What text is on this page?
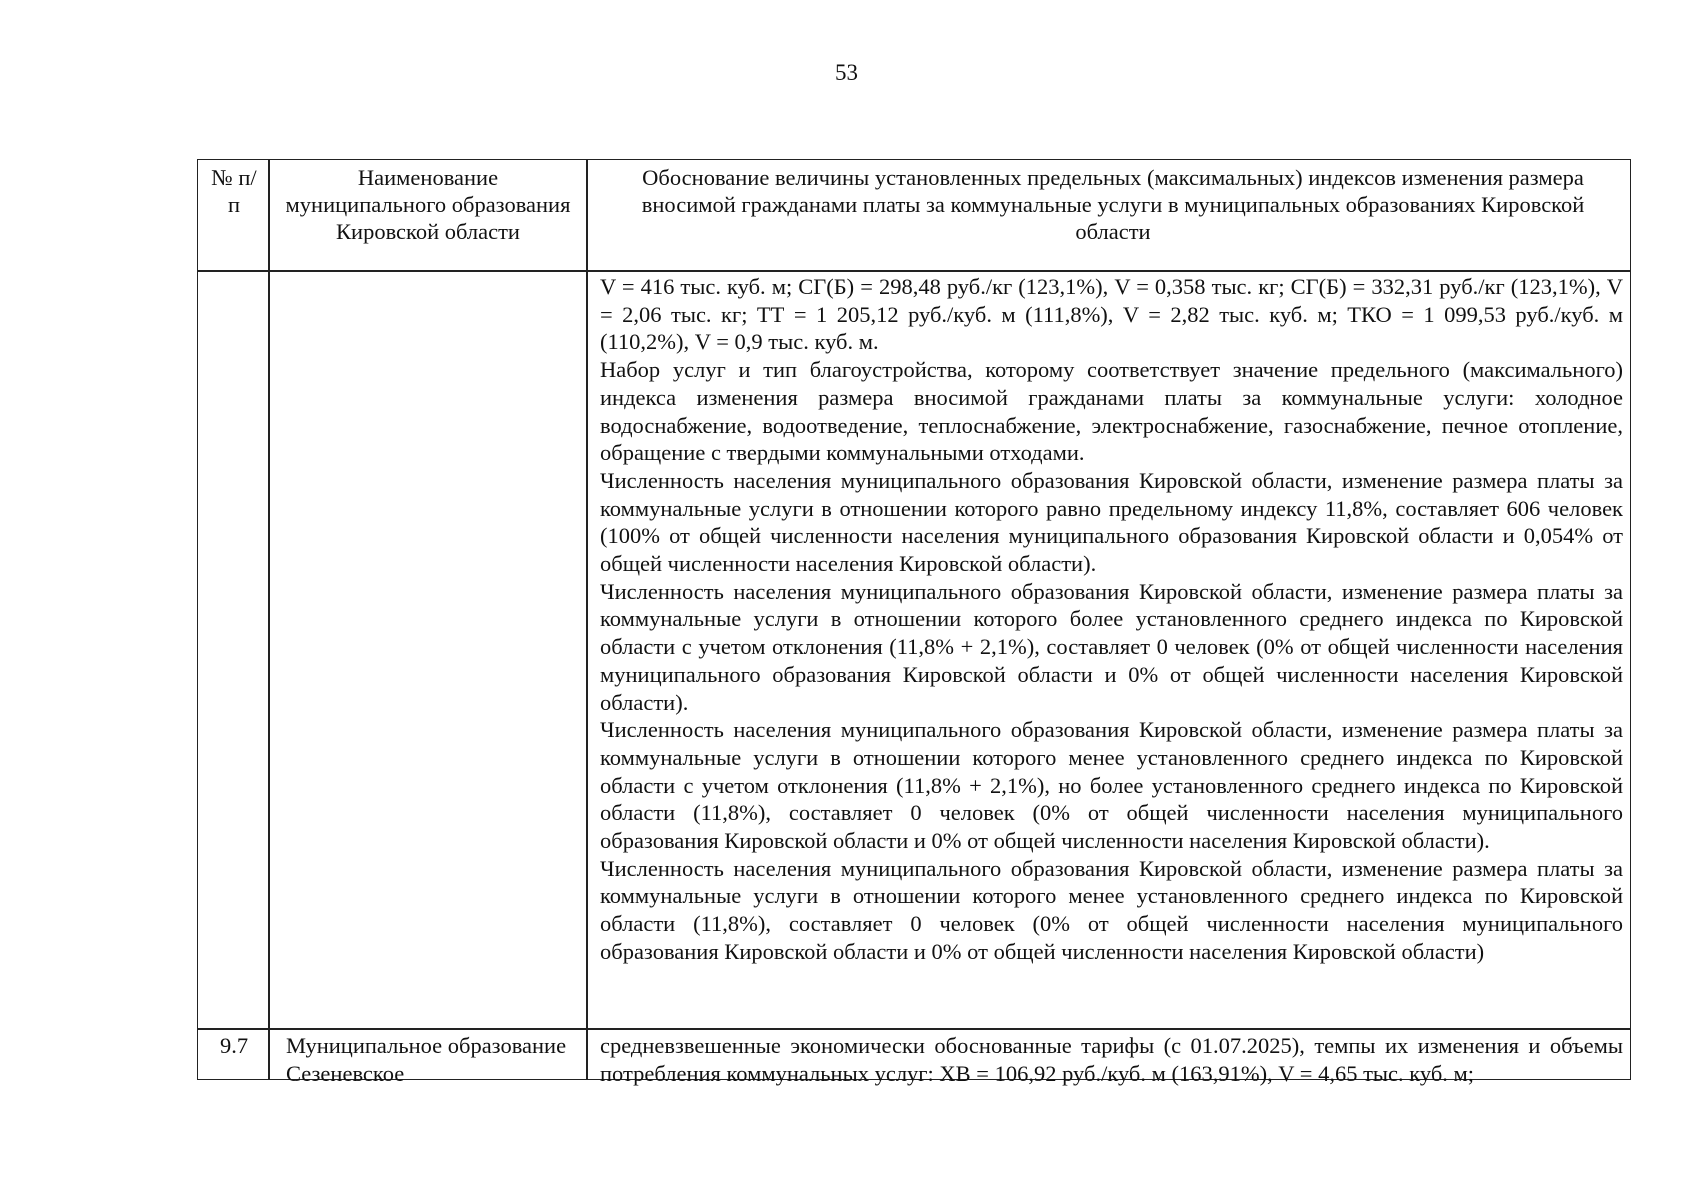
53
№ п/п
Наименование муниципального образования Кировской области
Обоснование величины установленных предельных (максимальных) индексов изменения размера вносимой гражданами платы за коммунальные услуги в муниципальных образованиях Кировской области

V = 416 тыс. куб. м; СГ(Б) = 298,48 руб./кг (123,1%), V = 0,358 тыс. кг; СГ(Б) = 332,31 руб./кг (123,1%), V = 2,06 тыс. кг; ТТ = 1 205,12 руб./куб. м (111,8%), V = 2,82 тыс. куб. м; ТКО = 1 099,53 руб./куб. м (110,2%), V = 0,9 тыс. куб. м.

Набор услуг и тип благоустройства, которому соответствует значение предельного (максимального) индекса изменения размера вносимой гражданами платы за коммунальные услуги: холодное водоснабжение, водоотведение, теплоснабжение, электроснабжение, газоснабжение, печное отопление, обращение с твердыми коммунальными отходами.

Численность населения муниципального образования Кировской области, изменение размера платы за коммунальные услуги в отношении которого равно предельному индексу 11,8%, составляет 606 человек (100% от общей численности населения муниципального образования Кировской области и 0,054% от общей численности населения Кировской области).

Численность населения муниципального образования Кировской области, изменение размера платы за коммунальные услуги в отношении которого более установленного среднего индекса по Кировской области с учетом отклонения (11,8% + 2,1%), составляет 0 человек (0% от общей численности населения муниципального образования Кировской области и 0% от общей численности населения Кировской области).

Численность населения муниципального образования Кировской области, изменение размера платы за коммунальные услуги в отношении которого менее установленного среднего индекса по Кировской области с учетом отклонения (11,8% + 2,1%), но более установленного среднего индекса по Кировской области (11,8%), составляет 0 человек (0% от общей численности населения муниципального образования Кировской области и 0% от общей численности населения Кировской области).

Численность населения муниципального образования Кировской области, изменение размера платы за коммунальные услуги в отношении которого менее установленного среднего индекса по Кировской области (11,8%), составляет 0 человек (0% от общей численности населения муниципального образования Кировской области и 0% от общей численности населения Кировской области)

9.7	Муниципальное образование Сезеневское

средневзвешенные экономически обоснованные тарифы (с 01.07.2025), темпы их изменения и объемы потребления коммунальных услуг: ХВ = 106,92 руб./куб. м (163,91%), V = 4,65 тыс. куб. м;
